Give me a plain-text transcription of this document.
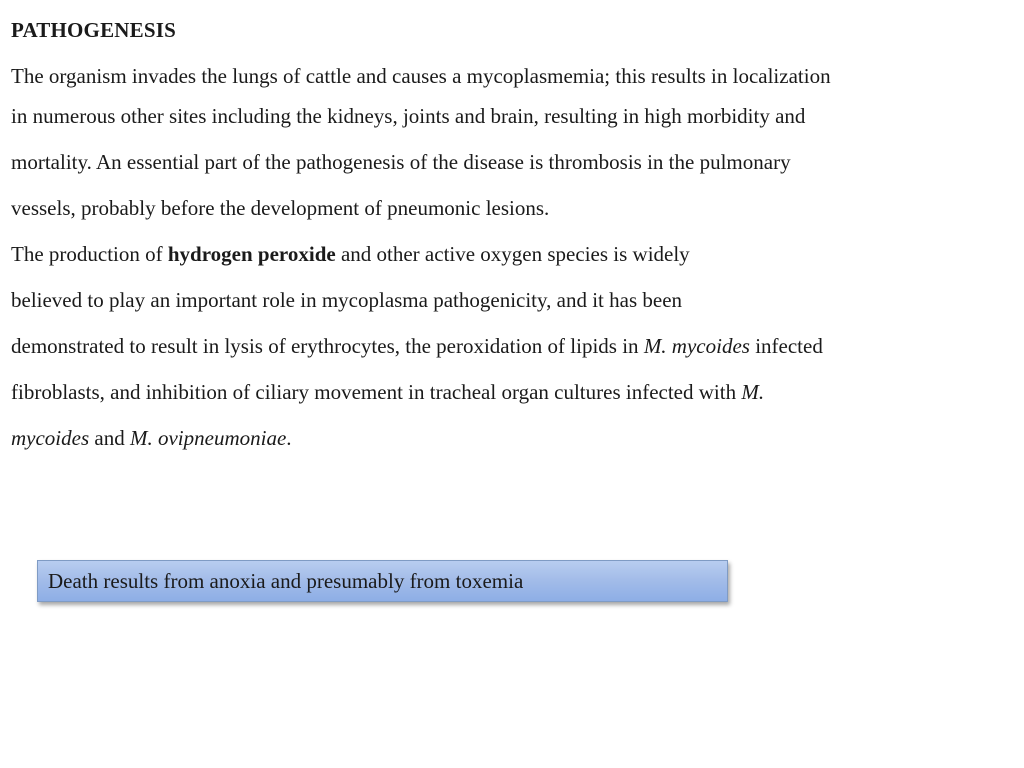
PATHOGENESIS

The organism invades the lungs of cattle and causes a mycoplasmemia; this results in localization

in numerous other sites including the kidneys, joints and brain, resulting in high morbidity and

mortality. An essential part of the pathogenesis of the disease is thrombosis in the pulmonary

vessels, probably before the development of pneumonic lesions.

The production of hydrogen peroxide and other active oxygen species is widely

believed to play an important role in mycoplasma pathogenicity, and it has been

demonstrated to result in lysis of erythrocytes, the peroxidation of lipids in M. mycoides infected

fibroblasts, and inhibition of ciliary movement in tracheal organ cultures infected with M.

mycoides and M. ovipneumoniae.

Death results from anoxia and presumably from toxemia
